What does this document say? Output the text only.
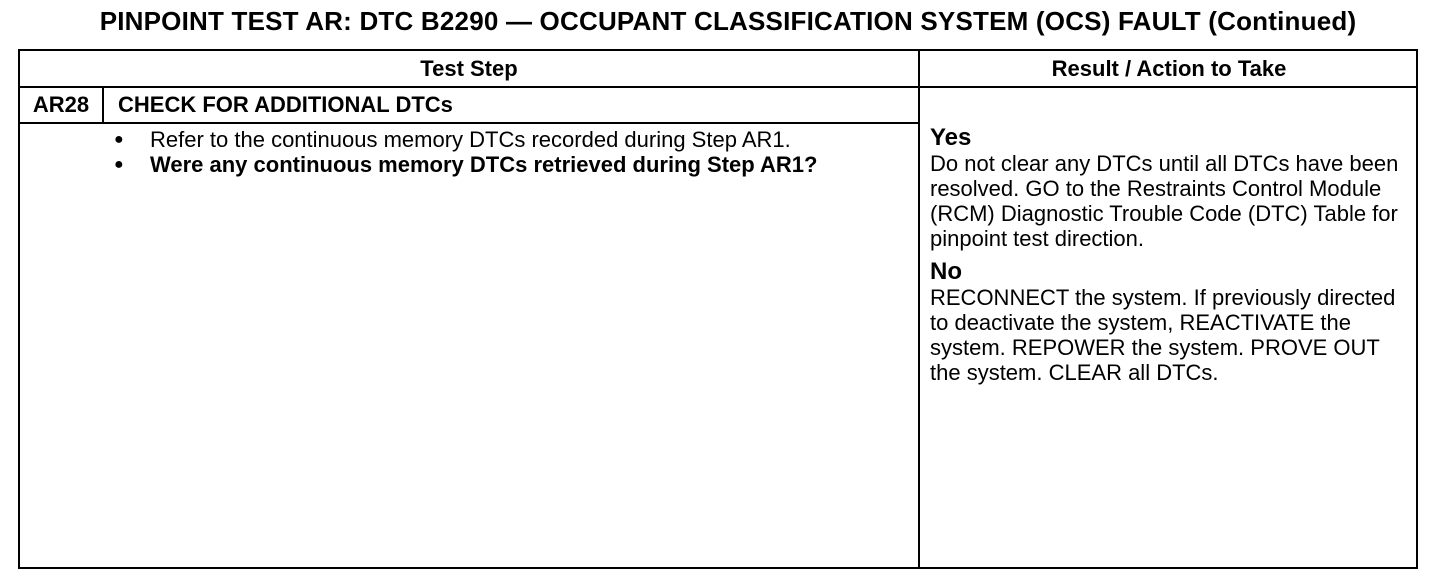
PINPOINT TEST AR: DTC B2290 — OCCUPANT CLASSIFICATION SYSTEM (OCS) FAULT (Continued)
Test Step	Result / Action to Take
AR28	CHECK FOR ADDITIONAL DTCs
● Refer to the continuous memory DTCs recorded during Step AR1.
● Were any continuous memory DTCs retrieved during Step AR1?
Yes
Do not clear any DTCs until all DTCs have been resolved. GO to the Restraints Control Module (RCM) Diagnostic Trouble Code (DTC) Table for pinpoint test direction.
No
RECONNECT the system. If previously directed to deactivate the system, REACTIVATE the system. REPOWER the system. PROVE OUT the system. CLEAR all DTCs.
